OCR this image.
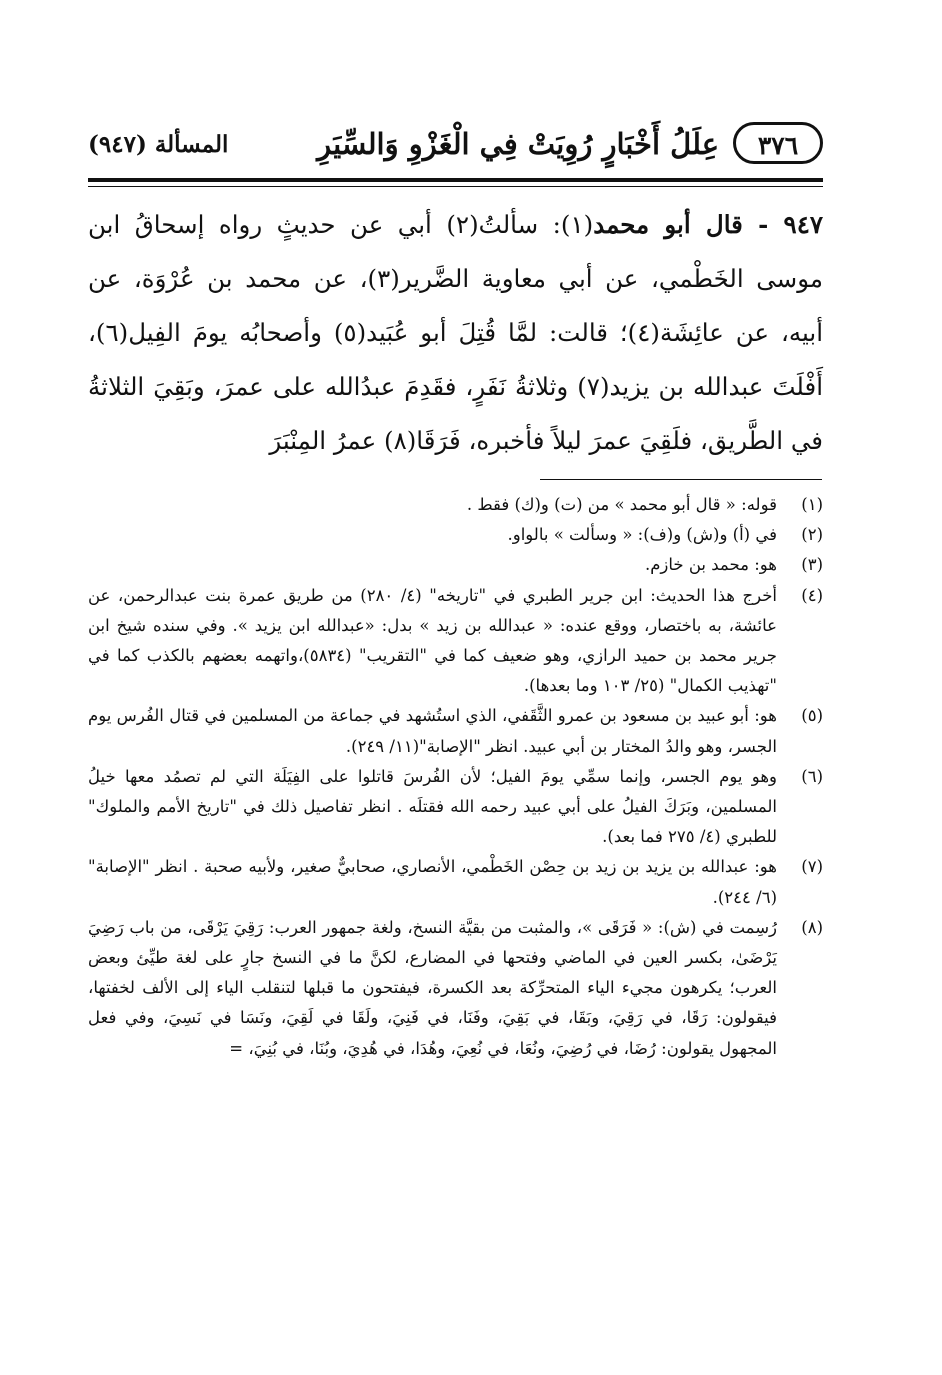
٣٧٦
عِلَلُ أَخْبَارٍ رُوِيَتْ فِي الْغَزْوِ وَالسِّيَرِ
المسألة (٩٤٧)

٩٤٧ - قال أبو محمد(١): سألتُ(٢) أبي عن حديثٍ رواه إسحاقُ ابن موسى الخَطْمي، عن أبي معاوية الضَّرير(٣)، عن محمد بن عُرْوَة، عن أبيه، عن عائِشَة(٤)؛ قالت: لمَّا قُتِلَ أبو عُبَيد(٥) وأصحابُه يومَ الفِيل(٦)، أَفْلَتَ عبدالله بن يزيد(٧) وثلاثةُ نَفَرٍ، فقَدِمَ عبدُالله على عمرَ، وبَقِيَ الثلاثةُ في الطَّريق، فلَقِيَ عمرَ ليلاً فأخبره، فَرَقَا(٨) عمرُ المِنْبَرَ

(١)
قوله: « قال أبو محمد » من (ت) و(ك) فقط .
(٢)
في (أ) و(ش) و(ف): « وسألت » بالواو.
(٣)
هو: محمد بن خازم.
(٤)
أخرج هذا الحديث: ابن جرير الطبري في "تاريخه" (٤/ ٢٨٠) من طريق عمرة بنت عبدالرحمن، عن عائشة، به باختصار، ووقع عنده: « عبدالله بن زيد » بدل: «عبدالله ابن يزيد ». وفي سنده شيخ ابن جرير محمد بن حميد الرازي، وهو ضعيف كما في "التقريب" (٥٨٣٤)،واتهمه بعضهم بالكذب كما في "تهذيب الكمال" (٢٥/ ١٠٣ وما بعدها).
(٥)
هو: أبو عبيد بن مسعود بن عمرو الثَّقَفي، الذي استُشهد في جماعة من المسلمين في قتال الفُرس يوم الجسر، وهو والدُ المختار بن أبي عبيد. انظر "الإصابة"(١١/ ٢٤٩).
(٦)
وهو يوم الجسر، وإنما سمِّي يومَ الفيل؛ لأن الفُرسَ قاتلوا على الفِيَلَة التي لم تصمُد معها خيلُ المسلمين، وبَرَكَ الفيلُ على أبي عبيد رحمه الله فقتلَه . انظر تفاصيل ذلك في "تاريخ الأمم والملوك" للطبري (٤/ ٢٧٥ فما بعد).
(٧)
هو: عبدالله بن يزيد بن زيد بن حِصْن الخَطْمي، الأنصاري، صحابيٌّ صغير، ولأبيه صحبة . انظر "الإصابة" (٦/ ٢٤٤).
(٨)
رُسِمت في (ش): « فَرَقَى »، والمثبت من بقيَّة النسخ، ولغة جمهور العرب: رَقِيَ يَرْقَى، من باب رَضِيَ يَرْضَىٰ، بكسر العين في الماضي وفتحها في المضارع، لكنَّ ما في النسخ جارٍ على لغة طيِّئ وبعض العرب؛ يكرهون مجيء الياء المتحرِّكة بعد الكسرة، فيفتحون ما قبلها لتنقلب الياء إلى الألف لخفتها، فيقولون: رَقَا، في رَقِيَ، وبَقَا، في بَقِيَ، وفَنَا، في فَنِيَ، ولَقَا في لَقِيَ، ونَسَا في نَسِيَ، وفي فعل المجهول يقولون: رُضَا، في رُضِيَ، ونُعَا، في نُعِيَ، وهُدَا، في هُدِيَ، وبُنَا، في بُنِيَ، =
